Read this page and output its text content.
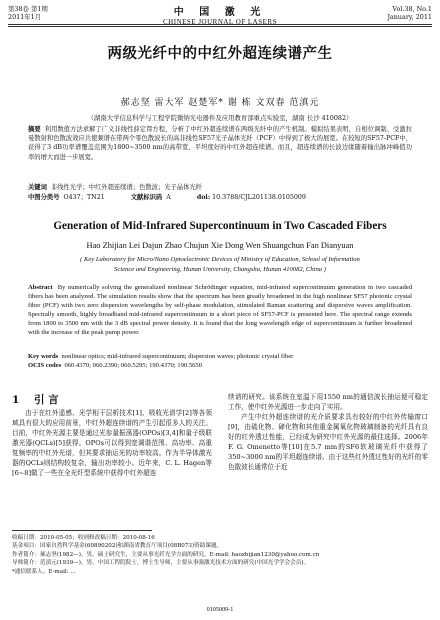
第38卷 第1期
2011年1月	中 国 激 光
CHINESE JOURNAL OF LASERS
Vol.38, No.1
January, 2011
两级光纤中的中红外超连续谱产生
郝志坚 雷大军 赵楚军* 谢 栋 文双春 范滇元
（湖南大学信息科学与工程学院微纳光电器件及应用教育部重点实验室，湖南 长沙 410082）
摘要 利用数值方法求解了广义非线性薛定谔方程，分析了中红外超连续谱在两级光纤中的产生机制。模拟结果表明，自相位调制、受激拉曼散射和色散波效应共使频谱在带两个零色散波长的高非线性SF57光子晶体光纤（PCF）中得到了极大的展宽。在较短的SF57-PCF中，获得了3 dB功率谱覆盖范围为1800~3500 nm的高带宽、平坦度好的中红外超连续谱。而且，超连续谱的长波边缘随着输出脉冲峰值功率的增大而进一步展宽。
关键词 非线性光学；中红外超连续谱；色散波；光子晶体光纤
中图分类号 O437；TN21	文献标识码 A	doi: 10.3788/CJL201138.0105009
Generation of Mid-Infrared Supercontinuum in Two Cascaded Fibers
Hao Zhijian Lei Dajun Zhao Chujun Xie Dong Wen Shuangchun Fan Dianyuan
( Key Laboratory for Micro/Nano Optoelectronic Devices of Ministry of Education, School of Information
Science and Engineering, Hunan University, Changsha, Hunan 410082, China )
Abstract By numerically solving the generalized nonlinear Schrödinger equation, mid-infrared supercontinuum generation in two cascaded fibers has been analyzed. The simulation results show that the spectrum has been greatly broadened in the high nonlinear SF57 photonic crystal fiber (PCF) with two zero dispersion wavelengths by self-phase modulation, stimulated Raman scattering and dispersive waves amplification. Spectrally smooth, highly broadband mid-infrared supercontinuum in a short piece of SF57-PCF is presented here. The spectral range extends from 1800 to 3500 nm with the 3 dB spectral power density. It is found that the long wavelength edge of supercontinuum is further broadened with the increase of the peak pump power.
Key words nonlinear optics; mid-infrared supercontinuum; dispersion waves; photonic crystal fiber
OCIS codes 060.4370; 060.2390; 060.5295; 190.4370; 190.5650
1 引 言
由于在红外遥感、光学相干层析技术[1]、吸收光谱学[2]等各领域具有很大的应用前景，中红外超连续谱的产生引起很多人的关注。目前，中红外光源主要是通过光参量振荡器(OPOs)[3,4]和量子级联激光器(QCLs)[5]获得。OPOs可以得到宽调谐范围、高功率、高重复频率的中红外光谱，但其要求抽运光的功率较高。作为半导体激光器的QCLs则结构较复杂，输出功率较小。近年来，C. L. Hagen等[6~8]做了一些在全光纤型系统中获得中红外超连
续谱的研究。该系统在室温下用1550 nm的通信波长抽运便可稳定工作，使中红外光源进一步走向了实用。
产生中红外超连续谱的光介质要求具有较好的中红外传输窗口[9]，由硫化物、碲化物和其他重金属氧化物玻璃制备的光纤具有良好的红外透过性能，已经成为研究中红外光源的最佳选择。2006年F. G. Omenetto等[10]在5.7 mm的SF6软玻璃光纤中获得了350~3000 nm的平坦超连续谱。由于这些红外透过性好的光纤的零色散波长通常位于近
收稿日期：2010-05-05；收到修改稿日期：2010-08-16
基金项目：国家自然科学基金(60890202)和湖南省教育厅项目(08B073)资助课题。
作者简介：郝志坚(1982—)，男，硕士研究生，主要从事光纤光学方面的研究。E-mail: haozhijian1230@yahoo.com.cn
导师简介：范滇元(1939—)，男，中国工程院院士，博士生导师，主要从事强激光技术方面的研究(中国光学学会会员)。
*通信联系人。E-mail: …
0105009-1
